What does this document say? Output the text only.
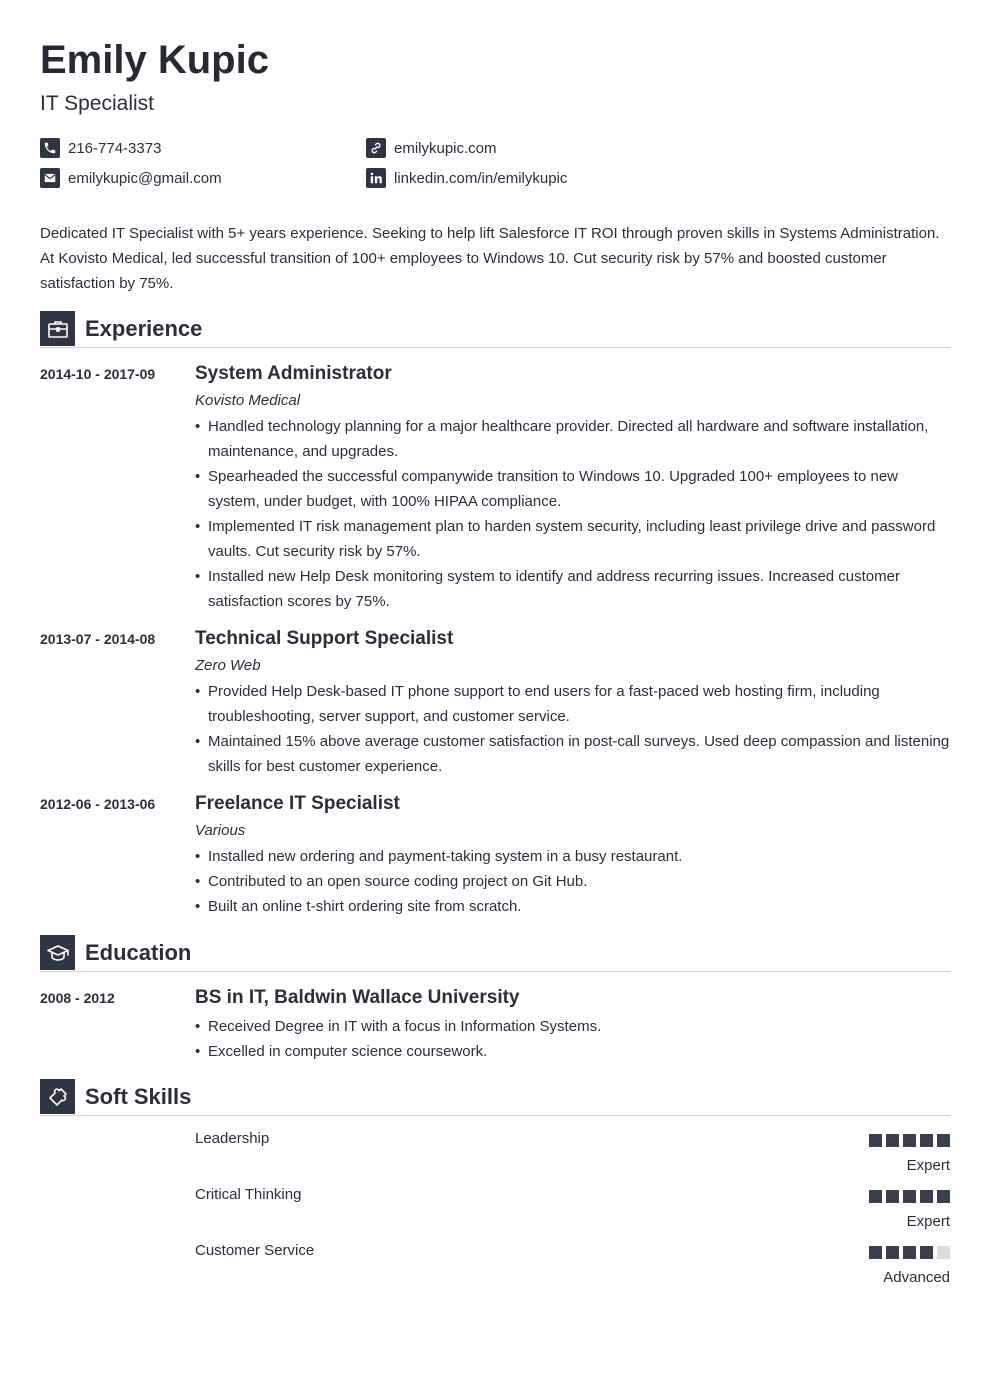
Emily Kupic
IT Specialist
216-774-3373	emilykupic.com
emilykupic@gmail.com	linkedin.com/in/emilykupic
Dedicated IT Specialist with 5+ years experience. Seeking to help lift Salesforce IT ROI through proven skills in Systems Administration. At Kovisto Medical, led successful transition of 100+ employees to Windows 10. Cut security risk by 57% and boosted customer satisfaction by 75%.
Experience
2014-10 - 2017-09 System Administrator
Kovisto Medical
• Handled technology planning for a major healthcare provider. Directed all hardware and software installation, maintenance, and upgrades.
• Spearheaded the successful companywide transition to Windows 10. Upgraded 100+ employees to new system, under budget, with 100% HIPAA compliance.
• Implemented IT risk management plan to harden system security, including least privilege drive and password vaults. Cut security risk by 57%.
• Installed new Help Desk monitoring system to identify and address recurring issues. Increased customer satisfaction scores by 75%.
2013-07 - 2014-08 Technical Support Specialist
Zero Web
• Provided Help Desk-based IT phone support to end users for a fast-paced web hosting firm, including troubleshooting, server support, and customer service.
• Maintained 15% above average customer satisfaction in post-call surveys. Used deep compassion and listening skills for best customer experience.
2012-06 - 2013-06 Freelance IT Specialist
Various
• Installed new ordering and payment-taking system in a busy restaurant.
• Contributed to an open source coding project on Git Hub.
• Built an online t-shirt ordering site from scratch.
Education
2008 - 2012	BS in IT, Baldwin Wallace University
• Received Degree in IT with a focus in Information Systems.
• Excelled in computer science coursework.
Soft Skills
Leadership
Expert
Critical Thinking
Expert
Customer Service
Advanced
